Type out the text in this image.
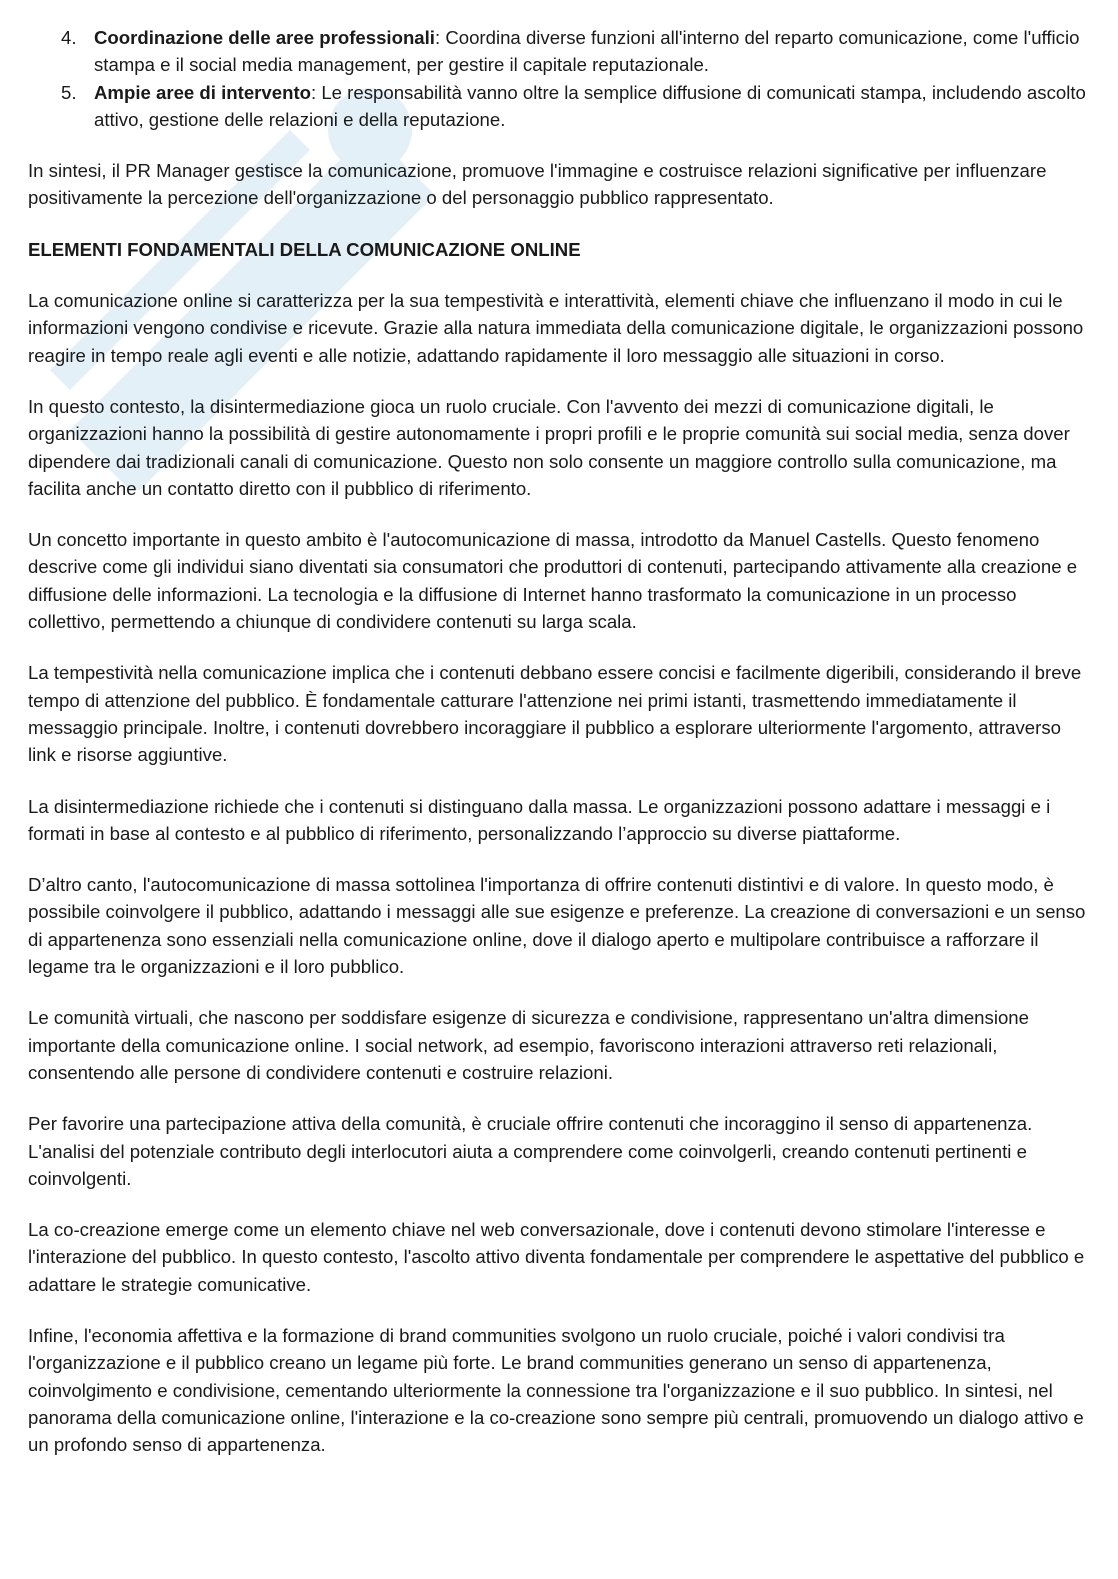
4. Coordinazione delle aree professionali: Coordina diverse funzioni all'interno del reparto comunicazione, come l'ufficio stampa e il social media management, per gestire il capitale reputazionale.
5. Ampie aree di intervento: Le responsabilità vanno oltre la semplice diffusione di comunicati stampa, includendo ascolto attivo, gestione delle relazioni e della reputazione.

In sintesi, il PR Manager gestisce la comunicazione, promuove l'immagine e costruisce relazioni significative per influenzare positivamente la percezione dell'organizzazione o del personaggio pubblico rappresentato.

ELEMENTI FONDAMENTALI DELLA COMUNICAZIONE ONLINE

La comunicazione online si caratterizza per la sua tempestività e interattività, elementi chiave che influenzano il modo in cui le informazioni vengono condivise e ricevute. Grazie alla natura immediata della comunicazione digitale, le organizzazioni possono reagire in tempo reale agli eventi e alle notizie, adattando rapidamente il loro messaggio alle situazioni in corso.

In questo contesto, la disintermediazione gioca un ruolo cruciale. Con l'avvento dei mezzi di comunicazione digitali, le organizzazioni hanno la possibilità di gestire autonomamente i propri profili e le proprie comunità sui social media, senza dover dipendere dai tradizionali canali di comunicazione. Questo non solo consente un maggiore controllo sulla comunicazione, ma facilita anche un contatto diretto con il pubblico di riferimento.

Un concetto importante in questo ambito è l'autocomunicazione di massa, introdotto da Manuel Castells. Questo fenomeno descrive come gli individui siano diventati sia consumatori che produttori di contenuti, partecipando attivamente alla creazione e diffusione delle informazioni. La tecnologia e la diffusione di Internet hanno trasformato la comunicazione in un processo collettivo, permettendo a chiunque di condividere contenuti su larga scala.

La tempestività nella comunicazione implica che i contenuti debbano essere concisi e facilmente digeribili, considerando il breve tempo di attenzione del pubblico. È fondamentale catturare l'attenzione nei primi istanti, trasmettendo immediatamente il messaggio principale. Inoltre, i contenuti dovrebbero incoraggiare il pubblico a esplorare ulteriormente l'argomento, attraverso link e risorse aggiuntive.

La disintermediazione richiede che i contenuti si distinguano dalla massa. Le organizzazioni possono adattare i messaggi e i formati in base al contesto e al pubblico di riferimento, personalizzando l’approccio su diverse piattaforme.

D’altro canto, l'autocomunicazione di massa sottolinea l'importanza di offrire contenuti distintivi e di valore. In questo modo, è possibile coinvolgere il pubblico, adattando i messaggi alle sue esigenze e preferenze. La creazione di conversazioni e un senso di appartenenza sono essenziali nella comunicazione online, dove il dialogo aperto e multipolare contribuisce a rafforzare il legame tra le organizzazioni e il loro pubblico.

Le comunità virtuali, che nascono per soddisfare esigenze di sicurezza e condivisione, rappresentano un'altra dimensione importante della comunicazione online. I social network, ad esempio, favoriscono interazioni attraverso reti relazionali, consentendo alle persone di condividere contenuti e costruire relazioni.

Per favorire una partecipazione attiva della comunità, è cruciale offrire contenuti che incoraggino il senso di appartenenza. L'analisi del potenziale contributo degli interlocutori aiuta a comprendere come coinvolgerli, creando contenuti pertinenti e coinvolgenti.

La co-creazione emerge come un elemento chiave nel web conversazionale, dove i contenuti devono stimolare l'interesse e l'interazione del pubblico. In questo contesto, l'ascolto attivo diventa fondamentale per comprendere le aspettative del pubblico e adattare le strategie comunicative.

Infine, l'economia affettiva e la formazione di brand communities svolgono un ruolo cruciale, poiché i valori condivisi tra l'organizzazione e il pubblico creano un legame più forte. Le brand communities generano un senso di appartenenza, coinvolgimento e condivisione, cementando ulteriormente la connessione tra l'organizzazione e il suo pubblico. In sintesi, nel panorama della comunicazione online, l'interazione e la co-creazione sono sempre più centrali, promuovendo un dialogo attivo e un profondo senso di appartenenza.
